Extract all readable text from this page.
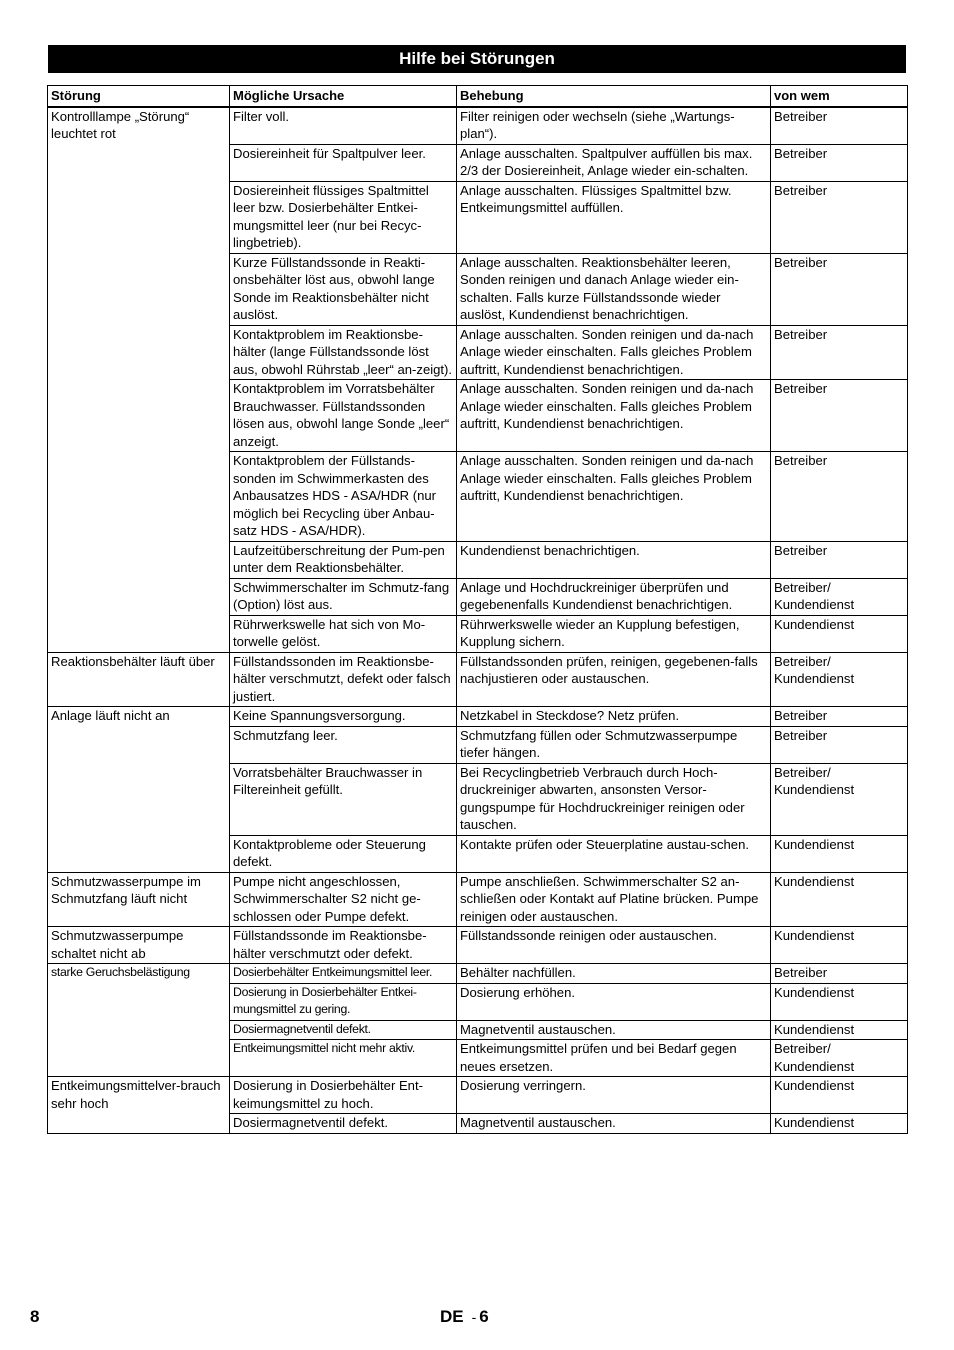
Hilfe bei Störungen
Störung	Mögliche Ursache	Behebung	von wem
Kontrolllampe „Störung“ leuchtet rot	Filter voll.	Filter reinigen oder wechseln (siehe „Wartungs-plan“).	Betreiber
	Dosiereinheit für Spaltpulver leer.	Anlage ausschalten. Spaltpulver auffüllen bis max. 2/3 der Dosiereinheit, Anlage wieder ein-schalten.	Betreiber
	Dosiereinheit flüssiges Spaltmittel leer bzw. Dosierbehälter Entkei-mungsmittel leer (nur bei Recyc-lingbetrieb).	Anlage ausschalten. Flüssiges Spaltmittel bzw. Entkeimungsmittel auffüllen.	Betreiber
	Kurze Füllstandssonde in Reakti-onsbehälter löst aus, obwohl lange Sonde im Reaktionsbehälter nicht auslöst.	Anlage ausschalten. Reaktionsbehälter leeren, Sonden reinigen und danach Anlage wieder ein-schalten. Falls kurze Füllstandssonde wieder auslöst, Kundendienst benachrichtigen.	Betreiber
	Kontaktproblem im Reaktionsbe-hälter (lange Füllstandssonde löst aus, obwohl Rührstab „leer“ an-zeigt).	Anlage ausschalten. Sonden reinigen und da-nach Anlage wieder einschalten. Falls gleiches Problem auftritt, Kundendienst benachrichtigen.	Betreiber
	Kontaktproblem im Vorratsbehälter Brauchwasser. Füllstandssonden lösen aus, obwohl lange Sonde „leer“ anzeigt.	Anlage ausschalten. Sonden reinigen und da-nach Anlage wieder einschalten. Falls gleiches Problem auftritt, Kundendienst benachrichtigen.	Betreiber
	Kontaktproblem der Füllstands-sonden im Schwimmerkasten des Anbausatzes HDS - ASA/HDR (nur möglich bei Recycling über Anbau-satz HDS - ASA/HDR).	Anlage ausschalten. Sonden reinigen und da-nach Anlage wieder einschalten. Falls gleiches Problem auftritt, Kundendienst benachrichtigen.	Betreiber
	Laufzeitüberschreitung der Pum-pen unter dem Reaktionsbehälter.	Kundendienst benachrichtigen.	Betreiber
	Schwimmerschalter im Schmutz-fang (Option) löst aus.	Anlage und Hochdruckreiniger überprüfen und gegebenenfalls Kundendienst benachrichtigen.	Betreiber/ Kundendienst
	Rührwerkswelle hat sich von Mo-torwelle gelöst.	Rührwerkswelle wieder an Kupplung befestigen, Kupplung sichern.	Kundendienst
Reaktionsbehälter läuft über	Füllstandssonden im Reaktionsbe-hälter verschmutzt, defekt oder falsch justiert.	Füllstandssonden prüfen, reinigen, gegebenen-falls nachjustieren oder austauschen.	Betreiber/ Kundendienst
Anlage läuft nicht an	Keine Spannungsversorgung.	Netzkabel in Steckdose? Netz prüfen.	Betreiber
	Schmutzfang leer.	Schmutzfang füllen oder Schmutzwasserpumpe tiefer hängen.	Betreiber
	Vorratsbehälter Brauchwasser in Filtereinheit gefüllt.	Bei Recyclingbetrieb Verbrauch durch Hoch-druckreiniger abwarten, ansonsten Versor-gungspumpe für Hochdruckreiniger reinigen oder tauschen.	Betreiber/ Kundendienst
	Kontaktprobleme oder Steuerung defekt.	Kontakte prüfen oder Steuerplatine austau-schen.	Kundendienst
Schmutzwasserpumpe im Schmutzfang läuft nicht	Pumpe nicht angeschlossen, Schwimmerschalter S2 nicht ge-schlossen oder Pumpe defekt.	Pumpe anschließen. Schwimmerschalter S2 an-schließen oder Kontakt auf Platine brücken. Pumpe reinigen oder austauschen.	Kundendienst
Schmutzwasserpumpe schaltet nicht ab	Füllstandssonde im Reaktionsbe-hälter verschmutzt oder defekt.	Füllstandssonde reinigen oder austauschen.	Kundendienst
starke Geruchsbelästigung	Dosierbehälter Entkeimungsmittel leer.	Behälter nachfüllen.	Betreiber
	Dosierung in Dosierbehälter Entkei-mungsmittel zu gering.	Dosierung erhöhen.	Kundendienst
	Dosiermagnetventil defekt.	Magnetventil austauschen.	Kundendienst
	Entkeimungsmittel nicht mehr aktiv.	Entkeimungsmittel prüfen und bei Bedarf gegen neues ersetzen.	Betreiber/ Kundendienst
Entkeimungsmittelver-brauch sehr hoch	Dosierung in Dosierbehälter Ent-keimungsmittel zu hoch.	Dosierung verringern.	Kundendienst
	Dosiermagnetventil defekt.	Magnetventil austauschen.	Kundendienst
8	DE - 6
